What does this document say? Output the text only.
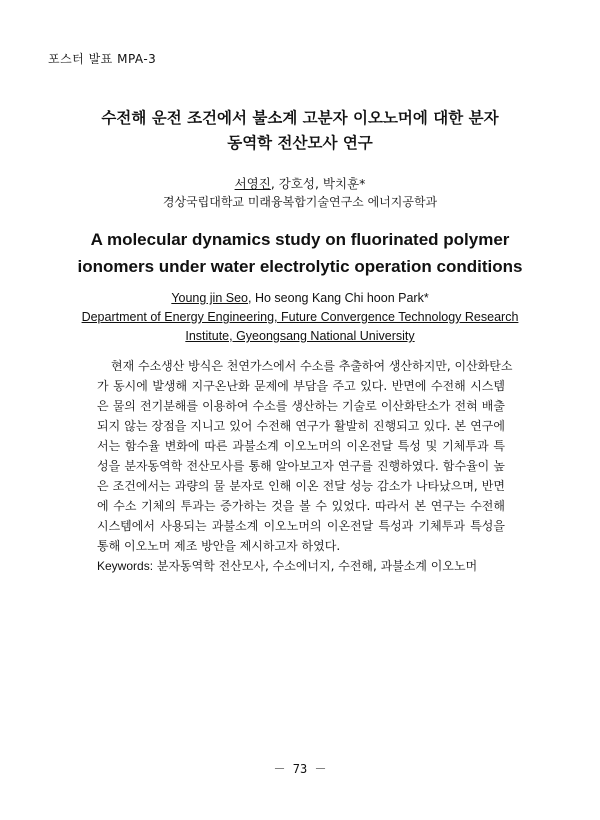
포스터 발표 MPA-3
수전해 운전 조건에서 불소계 고분자 이오노머에 대한 분자
동역학 전산모사 연구
서영진, 강호성, 박치훈*
경상국립대학교 미래융복합기술연구소 에너지공학과
A molecular dynamics study on fluorinated polymer
ionomers under water electrolytic operation conditions
Young jin Seo, Ho seong Kang Chi hoon Park*
Department of Energy Engineering, Future Convergence Technology Research
Institute, Gyeongsang National University
현재 수소생산 방식은 천연가스에서 수소를 추출하여 생산하지만, 이산화탄소
가 동시에 발생해 지구온난화 문제에 부담을 주고 있다. 반면에 수전해 시스템
은 물의 전기분해를 이용하여 수소를 생산하는 기술로 이산화탄소가 전혀 배출
되지 않는 장점을 지니고 있어 수전해 연구가 활발히 진행되고 있다. 본 연구에
서는 함수율 변화에 따른 과불소계 이오노머의 이온전달 특성 및 기체투과 특
성을 분자동역학 전산모사를 통해 알아보고자 연구를 진행하였다. 함수율이 높
은 조건에서는 과량의 물 분자로 인해 이온 전달 성능 감소가 나타났으며, 반면
에 수소 기체의 투과는 증가하는 것을 볼 수 있었다. 따라서 본 연구는 수전해
시스템에서 사용되는 과불소계 이오노머의 이온전달 특성과 기체투과 특성을
통해 이오노머 제조 방안을 제시하고자 하였다.
Keywords: 분자동역학 전산모사, 수소에너지, 수전해, 과불소계 이오노머
－ 73 －
